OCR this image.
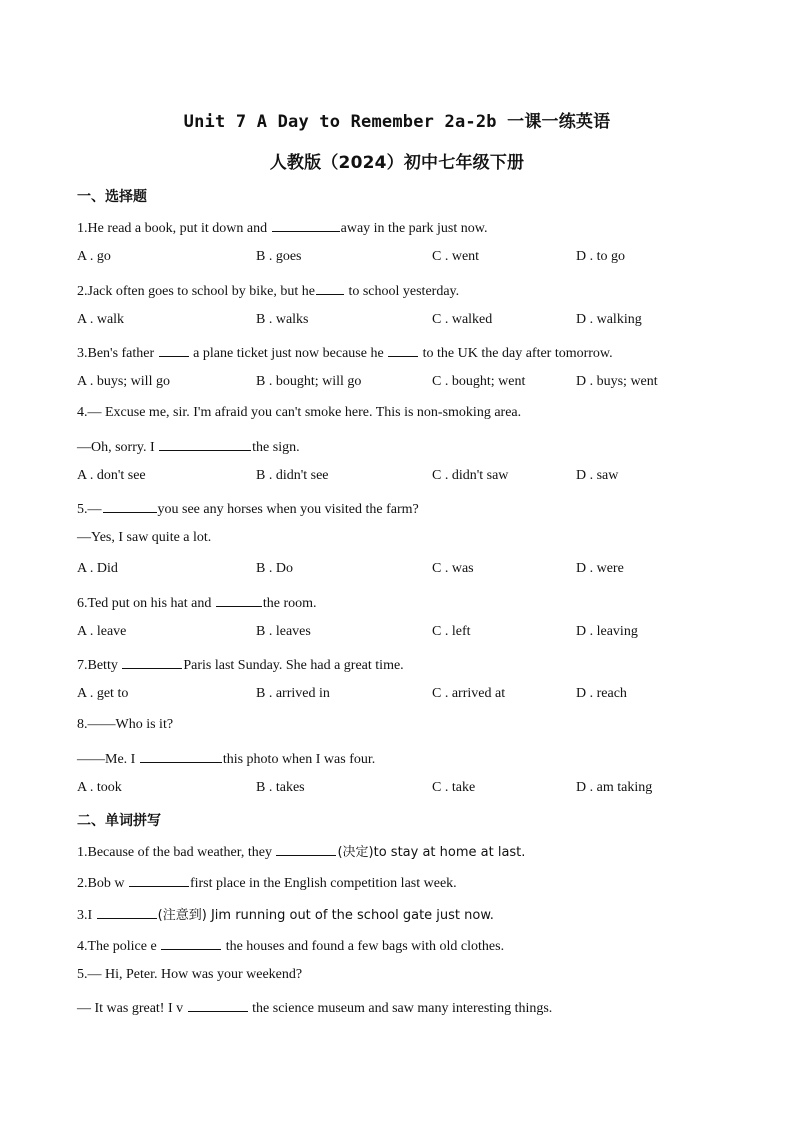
Unit 7 A Day to Remember 2a-2b 一课一练英语
人教版（2024）初中七年级下册
一、选择题
1.He read a book, put it down and	away in the park just now.
A . go	B . goes	C . went	D . to go
2.Jack often goes to school by bike, but he to school yesterday.
A . walk	B . walks	C . walked	D . walking
3.Ben's father  a plane ticket just now because he  to the UK the day after tomorrow.
A . buys; will go	B . bought; will go	C . bought; went	D . buys; went
4.— Excuse me, sir. I'm afraid you can't smoke here. This is non-smoking area.
—Oh, sorry. I	the sign.
A . don't see	B . didn't see	C . didn't saw	D . saw
5.—	you see any horses when you visited the farm?
—Yes, I saw quite a lot.
A . Did	B . Do	C . was	D . were
6.Ted put on his hat and	the room.
A . leave	B . leaves	C . left	D . leaving
7.Betty	Paris last Sunday. She had a great time.
A . get to	B . arrived in	C . arrived at	D . reach
8.——Who is it?
——Me. I	this photo when I was four.
A . took	B . takes	C . take	D . am taking
二、单词拼写
1.Because of the bad weather, they	(决定)to stay at home at last.
2.Bob w	first place in the English competition last week.
3.I	(注意到) Jim running out of the school gate just now.
4.The police e	the houses and found a few bags with old clothes.
5.— Hi, Peter. How was your weekend?
— It was great! I v	the science museum and saw many interesting things.
